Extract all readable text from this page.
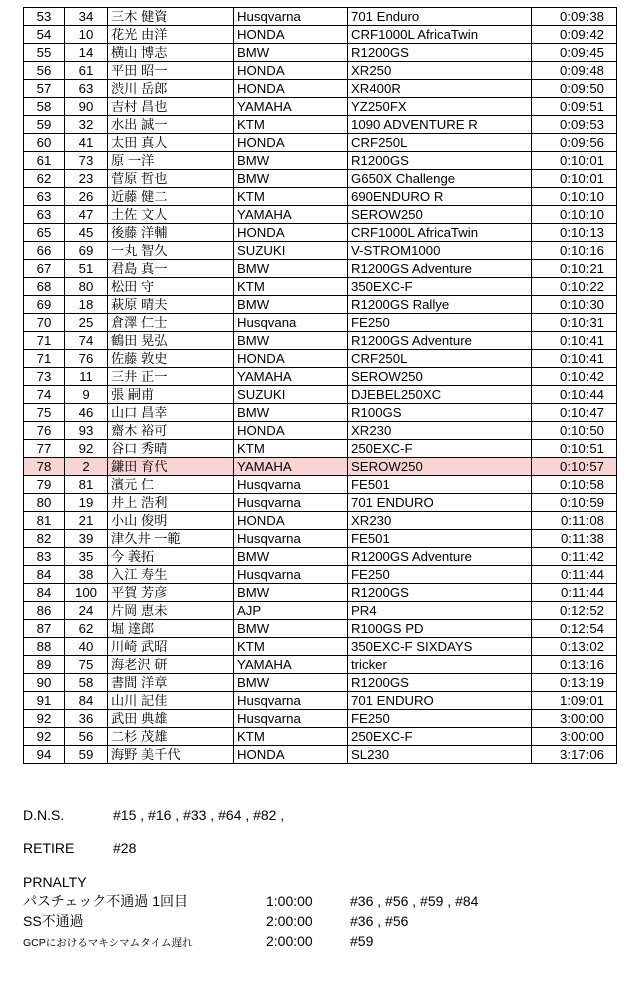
53	34	三木 健資	Husqvarna	701 Enduro	0:09:38
54	10	花光 由洋	HONDA	CRF1000L AfricaTwin	0:09:42
55	14	横山 博志	BMW	R1200GS	0:09:45
56	61	平田 昭一	HONDA	XR250	0:09:48
57	63	渋川 岳郎	HONDA	XR400R	0:09:50
58	90	吉村 昌也	YAMAHA	YZ250FX	0:09:51
59	32	水出 誠一	KTM	1090 ADVENTURE R	0:09:53
60	41	太田 真人	HONDA	CRF250L	0:09:56
61	73	原 一洋	BMW	R1200GS	0:10:01
62	23	菅原 哲也	BMW	G650X Challenge	0:10:01
63	26	近藤 健二	KTM	690ENDURO R	0:10:10
63	47	土佐 文人	YAMAHA	SEROW250	0:10:10
65	45	後藤 洋輔	HONDA	CRF1000L AfricaTwin	0:10:13
66	69	一丸 智久	SUZUKI	V-STROM1000	0:10:16
67	51	君島 真一	BMW	R1200GS Adventure	0:10:21
68	80	松田 守	KTM	350EXC-F	0:10:22
69	18	萩原 晴夫	BMW	R1200GS Rallye	0:10:30
70	25	倉澤 仁士	Husqvana	FE250	0:10:31
71	74	鶴田 晃弘	BMW	R1200GS Adventure	0:10:41
71	76	佐藤 敦史	HONDA	CRF250L	0:10:41
73	11	三井 正一	YAMAHA	SEROW250	0:10:42
74	9	張 嗣甫	SUZUKI	DJEBEL250XC	0:10:44
75	46	山口 昌幸	BMW	R100GS	0:10:47
76	93	齋木 裕可	HONDA	XR230	0:10:50
77	92	谷口 秀晴	KTM	250EXC-F	0:10:51
78	2	鎌田 育代	YAMAHA	SEROW250	0:10:57
79	81	濱元 仁	Husqvarna	FE501	0:10:58
80	19	井上 浩利	Husqvarna	701 ENDURO	0:10:59
81	21	小山 俊明	HONDA	XR230	0:11:08
82	39	津久井 一範	Husqvarna	FE501	0:11:38
83	35	今 義拓	BMW	R1200GS Adventure	0:11:42
84	38	入江 寿生	Husqvarna	FE250	0:11:44
84	100	平賀 芳彦	BMW	R1200GS	0:11:44
86	24	片岡 恵未	AJP	PR4	0:12:52
87	62	堀 達郎	BMW	R100GS PD	0:12:54
88	40	川崎 武昭	KTM	350EXC-F SIXDAYS	0:13:02
89	75	海老沢 研	YAMAHA	tricker	0:13:16
90	58	書間 洋章	BMW	R1200GS	0:13:19
91	84	山川 記佳	Husqvarna	701 ENDURO	1:09:01
92	36	武田 典雄	Husqvarna	FE250	3:00:00
92	56	二杉 茂雄	KTM	250EXC-F	3:00:00
94	59	海野 美千代	HONDA	SL230	3:17:06
D.N.S.	#15 , #16 , #33 , #64 , #82 ,
RETIRE	#28
PRNALTY
パスチェック不通過 1回目	1:00:00	#36 , #56 , #59 , #84
SS不通過	2:00:00	#36 , #56
GCPにおけるマキシマムタイム遅れ	2:00:00	#59
